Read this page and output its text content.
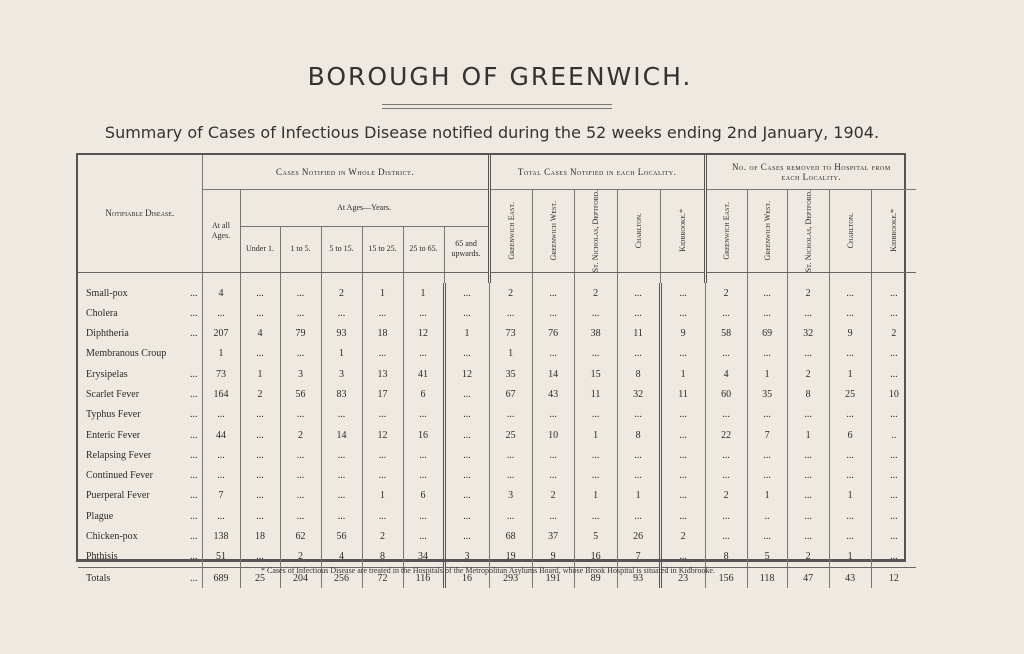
BOROUGH OF GREENWICH.
Summary of Cases of Infectious Disease notified during the 52 weeks ending 2nd January, 1904.
Notifiable Disease.	Cases Notified in Whole District.							Total Cases Notified in each Locality.					No. of Cases removed to Hospital from each Locality.				
	At all Ages.	At Ages—Years.						Greenwich East.	Greenwich West.	St. Nicholas, Deptford.	Charlton.	Kidbrooke.*	Greenwich East.	Greenwich West.	St. Nicholas, Deptford.	Charlton.	Kidbrooke.*

		Under 1.	1 to 5.	5 to 15.	15 to 25.	25 to 65.	65 and upwards.										

Small-pox ...	4	...	...	2	1	1	...	2	...	2	...	...	2	...	2	...	...
Cholera ...	...	...	...	...	...	...	...	...	...	...	...	...	...	...	...	...	...
Diphtheria ...	207	4	79	93	18	12	1	73	76	38	11	9	58	69	32	9	2
Membranous Croup	1	...	...	1	...	...	...	1	...	...	...	...	...	...	...	...	...
Erysipelas ...	73	1	3	3	13	41	12	35	14	15	8	1	4	1	2	1	...
Scarlet Fever ...	164	2	56	83	17	6	...	67	43	11	32	11	60	35	8	25	10
Typhus Fever ...	...	...	...	...	...	...	...	...	...	...	...	...	...	...	...	...	...
Enteric Fever ...	44	...	2	14	12	16	...	25	10	1	8	...	22	7	1	6	..
Relapsing Fever ...	...	...	...	...	...	...	...	...	...	...	...	...	...	...	...	...	...
Continued Fever ...	...	...	...	...	...	...	...	...	...	...	...	...	...	...	...	...	...
Puerperal Fever ...	7	...	...	...	1	6	...	3	2	1	1	...	2	1	...	1	...
Plague ...	...	...	...	...	...	...	...	...	...	...	...	...	...	..	...	...	...
Chicken-pox ...	138	18	62	56	2	...	...	68	37	5	26	2	...	...	...	...	...
Phthisis ...	51	...	2	4	8	34	3	19	9	16	7	...	8	5	2	1	...
Totals ...	689	25	204	256	72	116	16	293	191	89	93	23	156	118	47	43	12
* Cases of Infectious Disease are treated in the Hospitals of the Metropolitan Asylums Board, whose Brook Hospital is situated in Kidbrooke.
